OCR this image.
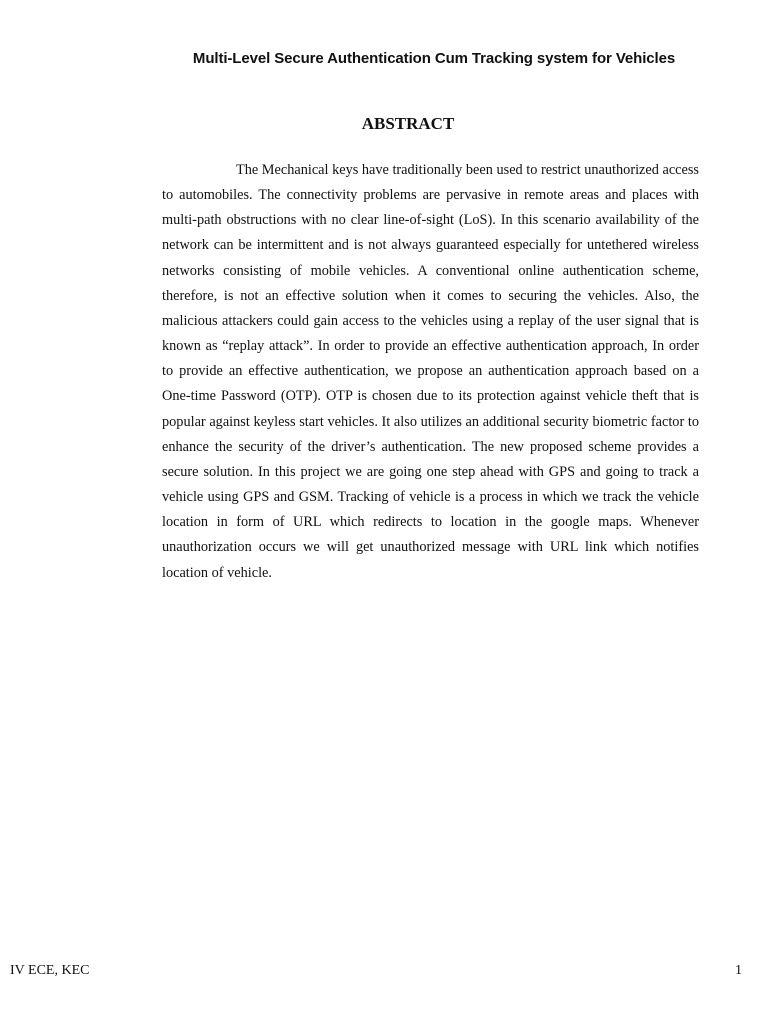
Multi-Level Secure Authentication Cum Tracking system for Vehicles
ABSTRACT

The Mechanical keys have traditionally been used to restrict unauthorized access to automobiles. The connectivity problems are pervasive in remote areas and places with multi-path obstructions with no clear line-of-sight (LoS). In this scenario availability of the network can be intermittent and is not always guaranteed especially for untethered wireless networks consisting of mobile vehicles. A conventional online authentication scheme, therefore, is not an effective solution when it comes to securing the vehicles. Also, the malicious attackers could gain access to the vehicles using a replay of the user signal that is known as “replay attack”. In order to provide an effective authentication approach, In order to provide an effective authentication, we propose an authentication approach based on a One-time Password (OTP). OTP is chosen due to its protection against vehicle theft that is popular against keyless start vehicles. It also utilizes an additional security biometric factor to enhance the security of the driver’s authentication. The new proposed scheme provides a secure solution. In this project we are going one step ahead with GPS and going to track a vehicle using GPS and GSM. Tracking of vehicle is a process in which we track the vehicle location in form of URL which redirects to location in the google maps. Whenever unauthorization occurs we will get unauthorized message with URL link which notifies location of vehicle.

IV ECE, KEC	1
